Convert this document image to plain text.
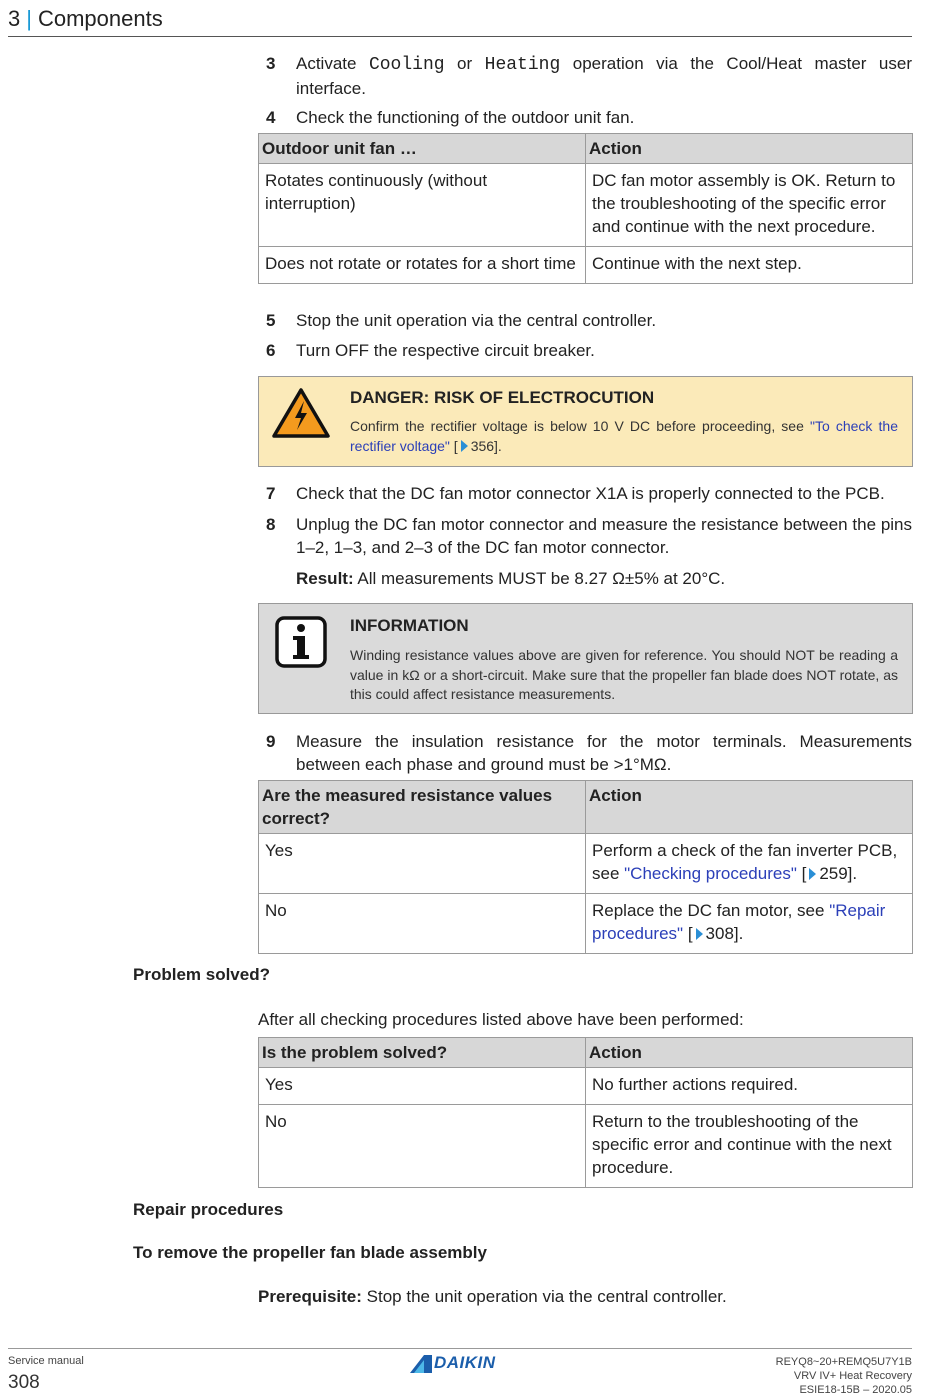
3 | Components
3	Activate Cooling or Heating operation via the Cool/Heat master user interface.
4	Check the functioning of the outdoor unit fan.
Outdoor unit fan …	Action
Rotates continuously (without interruption)	DC fan motor assembly is OK. Return to the troubleshooting of the specific error and continue with the next procedure.
Does not rotate or rotates for a short time	Continue with the next step.
5	Stop the unit operation via the central controller.
6	Turn OFF the respective circuit breaker.
DANGER: RISK OF ELECTROCUTION
Confirm the rectifier voltage is below 10 V DC before proceeding, see "To check the rectifier voltage" [ 356].
7	Check that the DC fan motor connector X1A is properly connected to the PCB.
8	Unplug the DC fan motor connector and measure the resistance between the pins 1–2, 1–3, and 2–3 of the DC fan motor connector.
Result: All measurements MUST be 8.27 Ω±5% at 20°C.
INFORMATION
Winding resistance values above are given for reference. You should NOT be reading a value in kΩ or a short-circuit. Make sure that the propeller fan blade does NOT rotate, as this could affect resistance measurements.
9	Measure the insulation resistance for the motor terminals. Measurements between each phase and ground must be >1°MΩ.
Are the measured resistance values correct?	Action
Yes	Perform a check of the fan inverter PCB, see "Checking procedures" [ 259].
No	Replace the DC fan motor, see "Repair procedures" [ 308].
Problem solved?
After all checking procedures listed above have been performed:
Is the problem solved?	Action
Yes	No further actions required.
No	Return to the troubleshooting of the specific error and continue with the next procedure.
Repair procedures
To remove the propeller fan blade assembly
Prerequisite: Stop the unit operation via the central controller.
Service manual
308
DAIKIN	REYQ8~20+REMQ5U7Y1B
VRV IV+ Heat Recovery
ESIE18-15B – 2020.05
